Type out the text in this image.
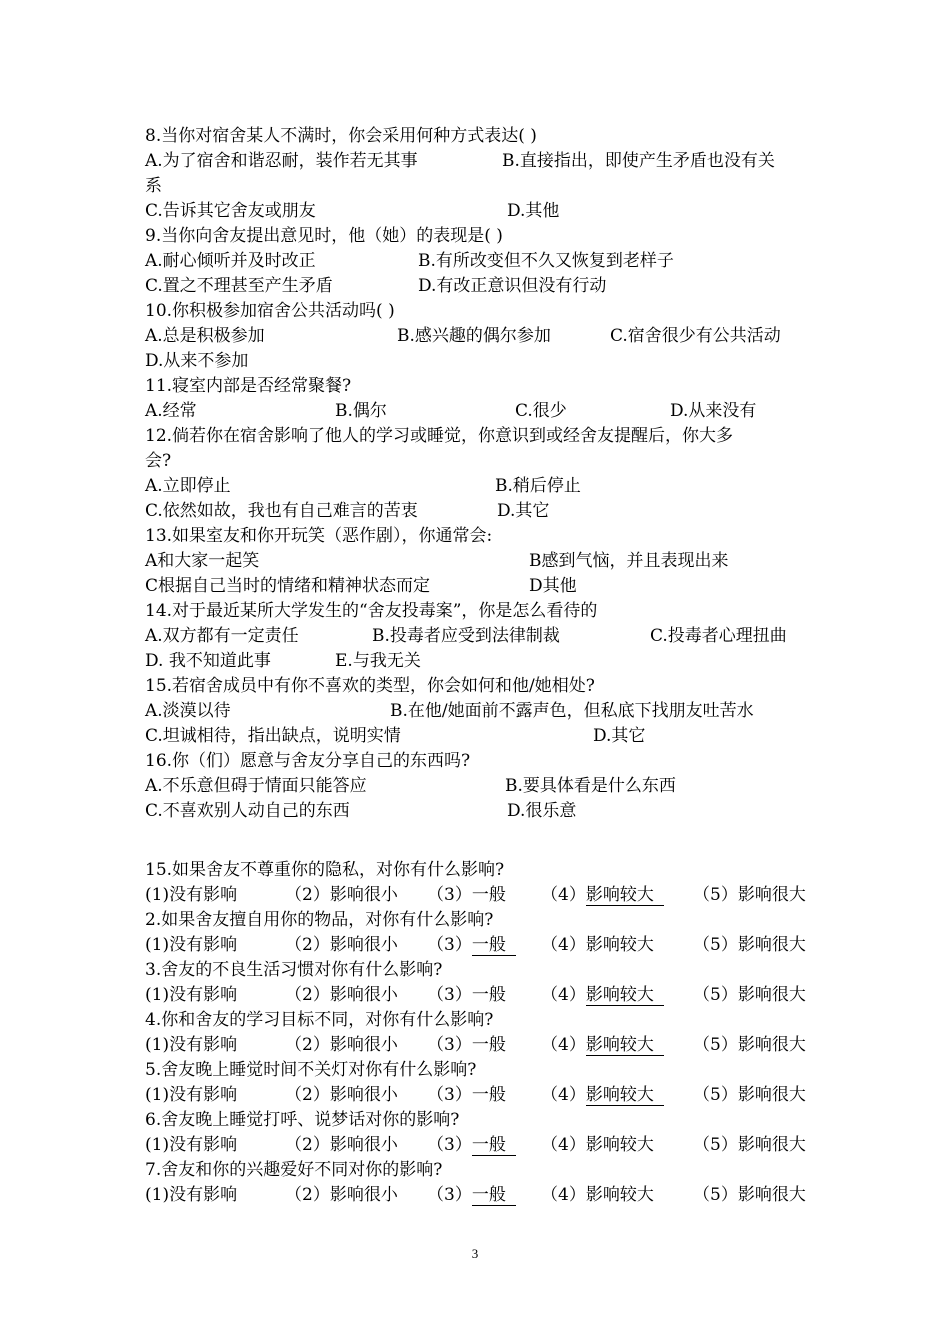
8.当你对宿舍某人不满时，你会采用何种方式表达( )
A.为了宿舍和谐忍耐，装作若无其事	B.直接指出，即使产生矛盾也没有关
系
C.告诉其它舍友或朋友	D.其他
9.当你向舍友提出意见时，他（她）的表现是( )
A.耐心倾听并及时改正	B.有所改变但不久又恢复到老样子
C.置之不理甚至产生矛盾	D.有改正意识但没有行动
10.你积极参加宿舍公共活动吗( )
A.总是积极参加	B.感兴趣的偶尔参加	C.宿舍很少有公共活动
D.从来不参加
11.寝室内部是否经常聚餐?
A.经常	B.偶尔	C.很少	D.从来没有
12.倘若你在宿舍影响了他人的学习或睡觉，你意识到或经舍友提醒后，你大多
会?
A.立即停止	B.稍后停止
C.依然如故，我也有自己难言的苦衷	D.其它
13.如果室友和你开玩笑（恶作剧），你通常会:
A和大家一起笑	B感到气恼，并且表现出来
C根据自己当时的情绪和精神状态而定	D其他
14.对于最近某所大学发生的“舍友投毒案”，你是怎么看待的
A.双方都有一定责任	B.投毒者应受到法律制裁	C.投毒者心理扭曲
D. 我不知道此事	E.与我无关
15.若宿舍成员中有你不喜欢的类型，你会如何和他/她相处?
A.淡漠以待	B.在他/她面前不露声色，但私底下找朋友吐苦水
C.坦诚相待，指出缺点，说明实情	D.其它
16.你（们）愿意与舍友分享自己的东西吗?
A.不乐意但碍于情面只能答应	B.要具体看是什么东西
C.不喜欢别人动自己的东西	D.很乐意
15.如果舍友不尊重你的隐私，对你有什么影响?
(1)没有影响	（2）影响很小 （3）一般 （4）影响较大	（5）影响很大
2.如果舍友擅自用你的物品，对你有什么影响?
(1)没有影响	（2）影响很小 （3）一般	（4）影响较大 （5）影响很大
3.舍友的不良生活习惯对你有什么影响?
(1)没有影响	（2）影响很小 （3）一般 （4）影响较大	（5）影响很大
4.你和舍友的学习目标不同，对你有什么影响?
(1)没有影响	（2）影响很小 （3）一般 （4）影响较大	（5）影响很大
5.舍友晚上睡觉时间不关灯对你有什么影响?
(1)没有影响	（2）影响很小 （3）一般 （4）影响较大	（5）影响很大
6.舍友晚上睡觉打呼、说梦话对你的影响?
(1)没有影响	（2）影响很小 （3）一般	（4）影响较大 （5）影响很大
7.舍友和你的兴趣爱好不同对你的影响?
(1)没有影响	（2）影响很小 （3）一般	（4）影响较大 （5）影响很大
3
